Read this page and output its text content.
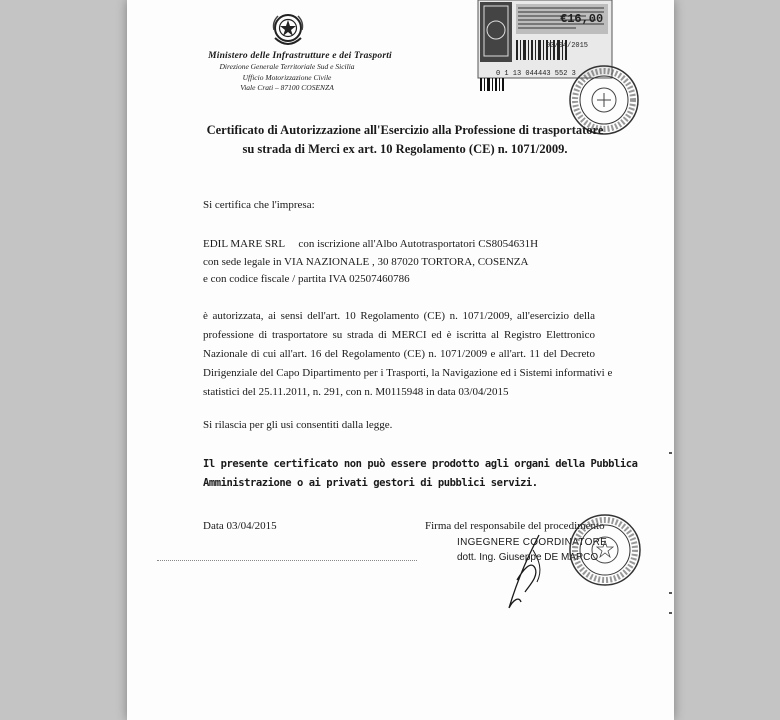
Ministero delle Infrastrutture e dei Trasporti
Direzione Generale Territoriale Sud e Sicilia
Ufficio Motorizzazione Civile
Viale Crati – 87100 COSENZA
€16,00
03/04/2015
0 1 13 044443 552 3
Certificato di Autorizzazione all'Esercizio alla Professione di trasportatore
su strada di Merci ex art. 10 Regolamento (CE) n. 1071/2009.
Si certifica che l'impresa:
EDIL MARE SRL     con iscrizione all'Albo Autotrasportatori CS8054631H
con sede legale in VIA NAZIONALE , 30 87020 TORTORA, COSENZA
e con codice fiscale / partita IVA 02507460786
è autorizzata, ai sensi dell'art. 10 Regolamento (CE) n. 1071/2009, all'esercizio della
professione di trasportatore su strada di MERCI ed è iscritta al Registro Elettronico
Nazionale di cui all'art. 16 del Regolamento (CE) n. 1071/2009 e all'art. 11 del Decreto
Dirigenziale del Capo Dipartimento per i Trasporti, la Navigazione ed i Sistemi informativi e
statistici del 25.11.2011, n. 291, con n. M0115948 in data 03/04/2015
Si rilascia per gli usi consentiti dalla legge.
Il presente certificato non può essere prodotto agli organi della Pubblica
Amministrazione o ai privati gestori di pubblici servizi.
Data 03/04/2015	Firma del responsabile del procedimento
INGEGNERE COORDINATORE
dott. Ing. Giuseppe DE MARCO
